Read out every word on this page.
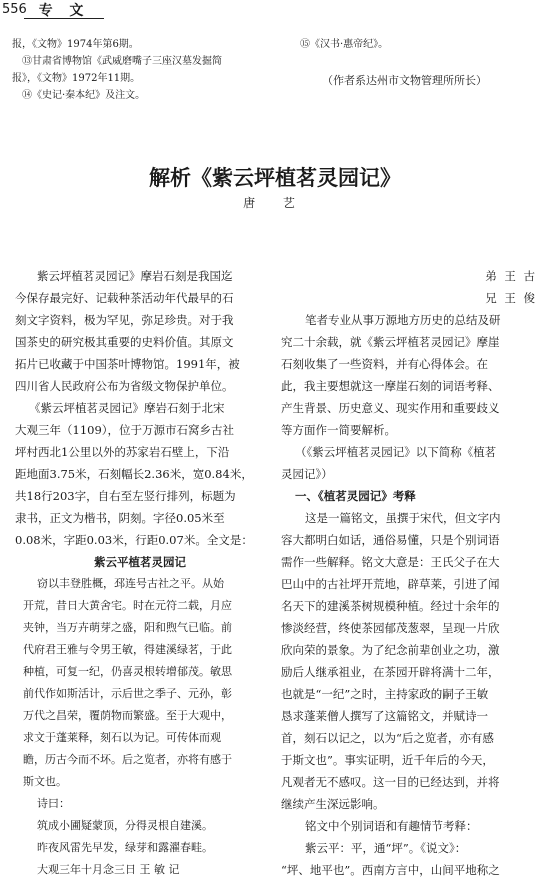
556 专 文
报，《文物》1974年第6期。
⑬甘肃省博物馆《武威磨嘴子三座汉墓发掘简
报》，《文物》1972年11期。
⑭《史记·秦本纪》及注文。
⑮《汉书·惠帝纪》。
（作者系达州市文物管理所所长）
解析《紫云坪植茗灵园记》
唐 艺
紫云坪植茗灵园记》摩岩石刻是我国迄
今保存最完好、记载种茶活动年代最早的石
刻文字资料，极为罕见，弥足珍贵。对于我
国茶史的研究极其重要的史料价值。其原文
拓片已收藏于中国茶叶博物馆。1991年，被
四川省人民政府公布为省级文物保护单位。
《紫云坪植茗灵园记》摩岩石刻于北宋
大观三年（1109），位于万源市石窝乡古社
坪村西北1公里以外的苏家岩石壁上，下沿
距地面3.75米，石刻幅长2.36米，宽0.84米，
共18行203字，自右至左竖行排列，标题为
隶书，正文为楷书，阴刻。字径0.05米至
0.08米，字距0.03米，行距0.07米。全文是：
紫云平植茗灵园记
窃以丰登胜概，邳连号古社之平。从始
开荒，昔日大黄舍宅。时在元符二载，月应
夹钟，当万卉萌芽之盛，阳和煦气已临。前
代府君王雅与令男王敏，得建溪绿茗，于此
种植，可复一纪，仍喜灵根转增郁茂。敏思
前代作如斯活计，示后世之季子、元孙，彰
万代之昌荣，覆荫物而繁盛。至于大观中，
求文于蓬莱释，刻石以为记。可传体而观
瞻，历古今而不坏。后之览者，亦将有感于
斯文也。
诗曰：
筑成小圃疑蒙顶，分得灵根自建溪。
昨夜风雷先早发，绿芽和露濯春畦。
大观三年十月念三日 王 敏 记
弟 王 古
兄 王 俊
笔者专业从事万源地方历史的总结及研
究二十余载，就《紫云坪植茗灵园记》摩崖
石刻收集了一些资料，并有心得体会。在
此，我主要想就这一摩崖石刻的词语考释、
产生背景、历史意义、现实作用和重要歧义
等方面作一简要解析。
（《紫云坪植茗灵园记》以下简称《植茗
灵园记》）
一、《植茗灵园记》考释
这是一篇铭文，虽撰于宋代，但文字内
容大都明白如话，通俗易懂，只是个别词语
需作一些解释。铭文大意是：王氏父子在大
巴山中的古社坪开荒地，辟草莱，引进了闻
名天下的建溪茶树规模种植。经过十余年的
惨淡经营，终使茶园郁茂葱翠，呈现一片欣
欣向荣的景象。为了纪念前辈创业之功，激
励后人继承祖业，在茶园开辟将满十二年，
也就是“一纪”之时，主持家政的嗣子王敏
恳求蓬莱僧人撰写了这篇铭文，并赋诗一
首，刻石以记之，以为“后之览者，亦有感
于斯文也”。事实证明，近千年后的今天，
凡观者无不感叹。这一目的已经达到，并将
继续产生深远影响。
铭文中个别词语和有趣情节考释：
紫云平：平，通“坪”。《说文》：
“坪、地平也”。西南方言中，山间平地称之
